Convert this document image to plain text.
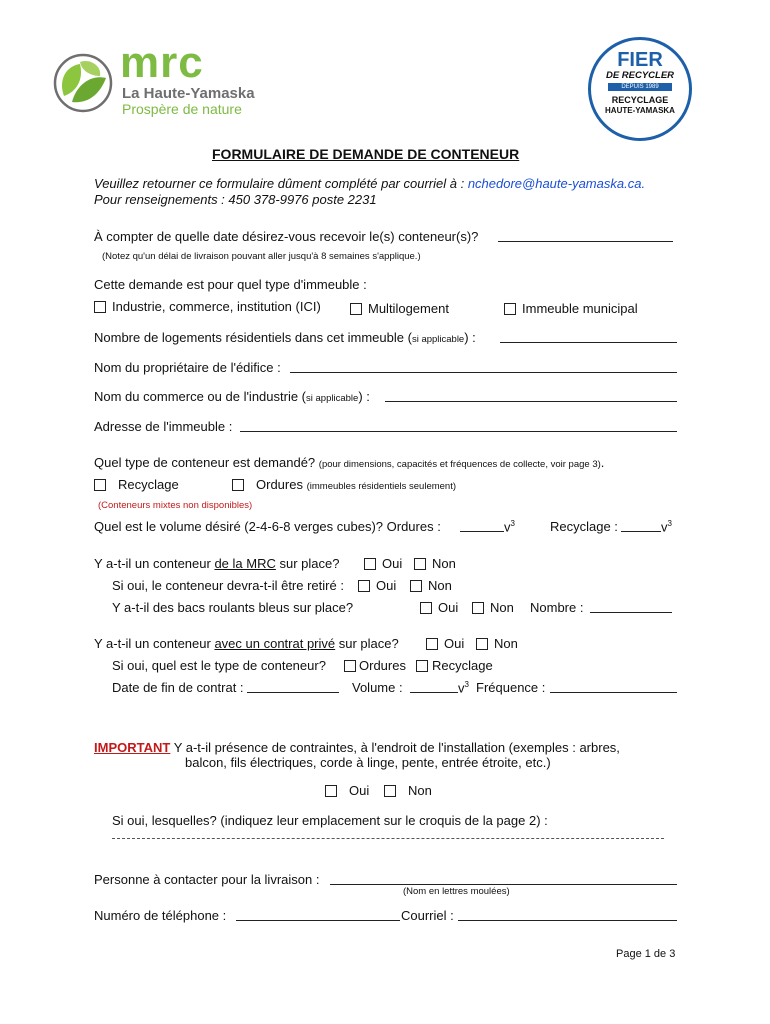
mrc
La Haute-Yamaska
Prospère de nature
FIER
DE RECYCLER
DEPUIS 1989
RECYCLAGE
HAUTE-YAMASKA
FORMULAIRE DE DEMANDE DE CONTENEUR
Veuillez retourner ce formulaire dûment complété par courriel à : nchedore@haute-yamaska.ca.
Pour renseignements : 450 378-9976 poste 2231
À compter de quelle date désirez-vous recevoir le(s) conteneur(s)?
(Notez qu'un délai de livraison pouvant aller jusqu'à 8 semaines s'applique.)
Cette demande est pour quel type d'immeuble :
Industrie, commerce, institution (ICI)	Multilogement	Immeuble municipal
Nombre de logements résidentiels dans cet immeuble (si applicable) :
Nom du propriétaire de l'édifice :
Nom du commerce ou de l'industrie (si applicable) :
Adresse de l'immeuble :
Quel type de conteneur est demandé? (pour dimensions, capacités et fréquences de collecte, voir page 3).
Recyclage	Ordures (immeubles résidentiels seulement)
(Conteneurs mixtes non disponibles)
Quel est le volume désiré (2-4-6-8 verges cubes)? Ordures :	$v^3$	Recyclage :	$v^3$
Y a-t-il un conteneur de la MRC sur place?	Oui	Non
Si oui, le conteneur devra-t-il être retiré :	Oui	Non
Y a-t-il des bacs roulants bleus sur place?	Oui	Non Nombre :
Y a-t-il un conteneur avec un contrat privé sur place?	Oui	Non
Si oui, quel est le type de conteneur?	Ordures	Recyclage
Date de fin de contrat :	Volume :	$v^3$ Fréquence :
IMPORTANT Y a-t-il présence de contraintes, à l'endroit de l'installation (exemples : arbres,
balcon, fils électriques, corde à linge, pente, entrée étroite, etc.)
Oui	Non
Si oui, lesquelles? (indiquez leur emplacement sur le croquis de la page 2) :
Personne à contacter pour la livraison :
(Nom en lettres moulées)
Numéro de téléphone :	Courriel :
Page 1 de 3
